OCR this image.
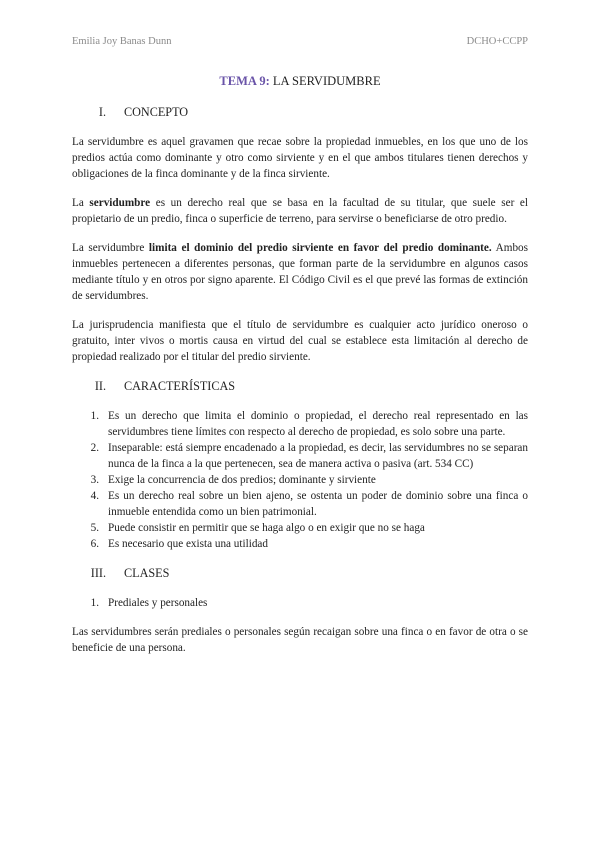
Emilia Joy Banas Dunn	DCHO+CCPP
TEMA 9: LA SERVIDUMBRE
I.	CONCEPTO

La servidumbre es aquel gravamen que recae sobre la propiedad inmuebles, en los que uno de los predios actúa como dominante y otro como sirviente y en el que ambos titulares tienen derechos y obligaciones de la finca dominante y de la finca sirviente.

La servidumbre es un derecho real que se basa en la facultad de su titular, que suele ser el propietario de un predio, finca o superficie de terreno, para servirse o beneficiarse de otro predio.

La servidumbre limita el dominio del predio sirviente en favor del predio dominante. Ambos inmuebles pertenecen a diferentes personas, que forman parte de la servidumbre en algunos casos mediante título y en otros por signo aparente. El Código Civil es el que prevé las formas de extinción de servidumbres.

La jurisprudencia manifiesta que el título de servidumbre es cualquier acto jurídico oneroso o gratuito, inter vivos o mortis causa en virtud del cual se establece esta limitación al derecho de propiedad realizado por el titular del predio sirviente.

II.	CARACTERÍSTICAS
1. Es un derecho que limita el dominio o propiedad, el derecho real representado en las servidumbres tiene límites con respecto al derecho de propiedad, es solo sobre una parte.
2. Inseparable: está siempre encadenado a la propiedad, es decir, las servidumbres no se separan nunca de la finca a la que pertenecen, sea de manera activa o pasiva (art. 534 CC)
3. Exige la concurrencia de dos predios; dominante y sirviente
4. Es un derecho real sobre un bien ajeno, se ostenta un poder de dominio sobre una finca o inmueble entendida como un bien patrimonial.
5. Puede consistir en permitir que se haga algo o en exigir que no se haga
6. Es necesario que exista una utilidad
III.	CLASES
1. Prediales y personales

Las servidumbres serán prediales o personales según recaigan sobre una finca o en favor de otra o se beneficie de una persona.
